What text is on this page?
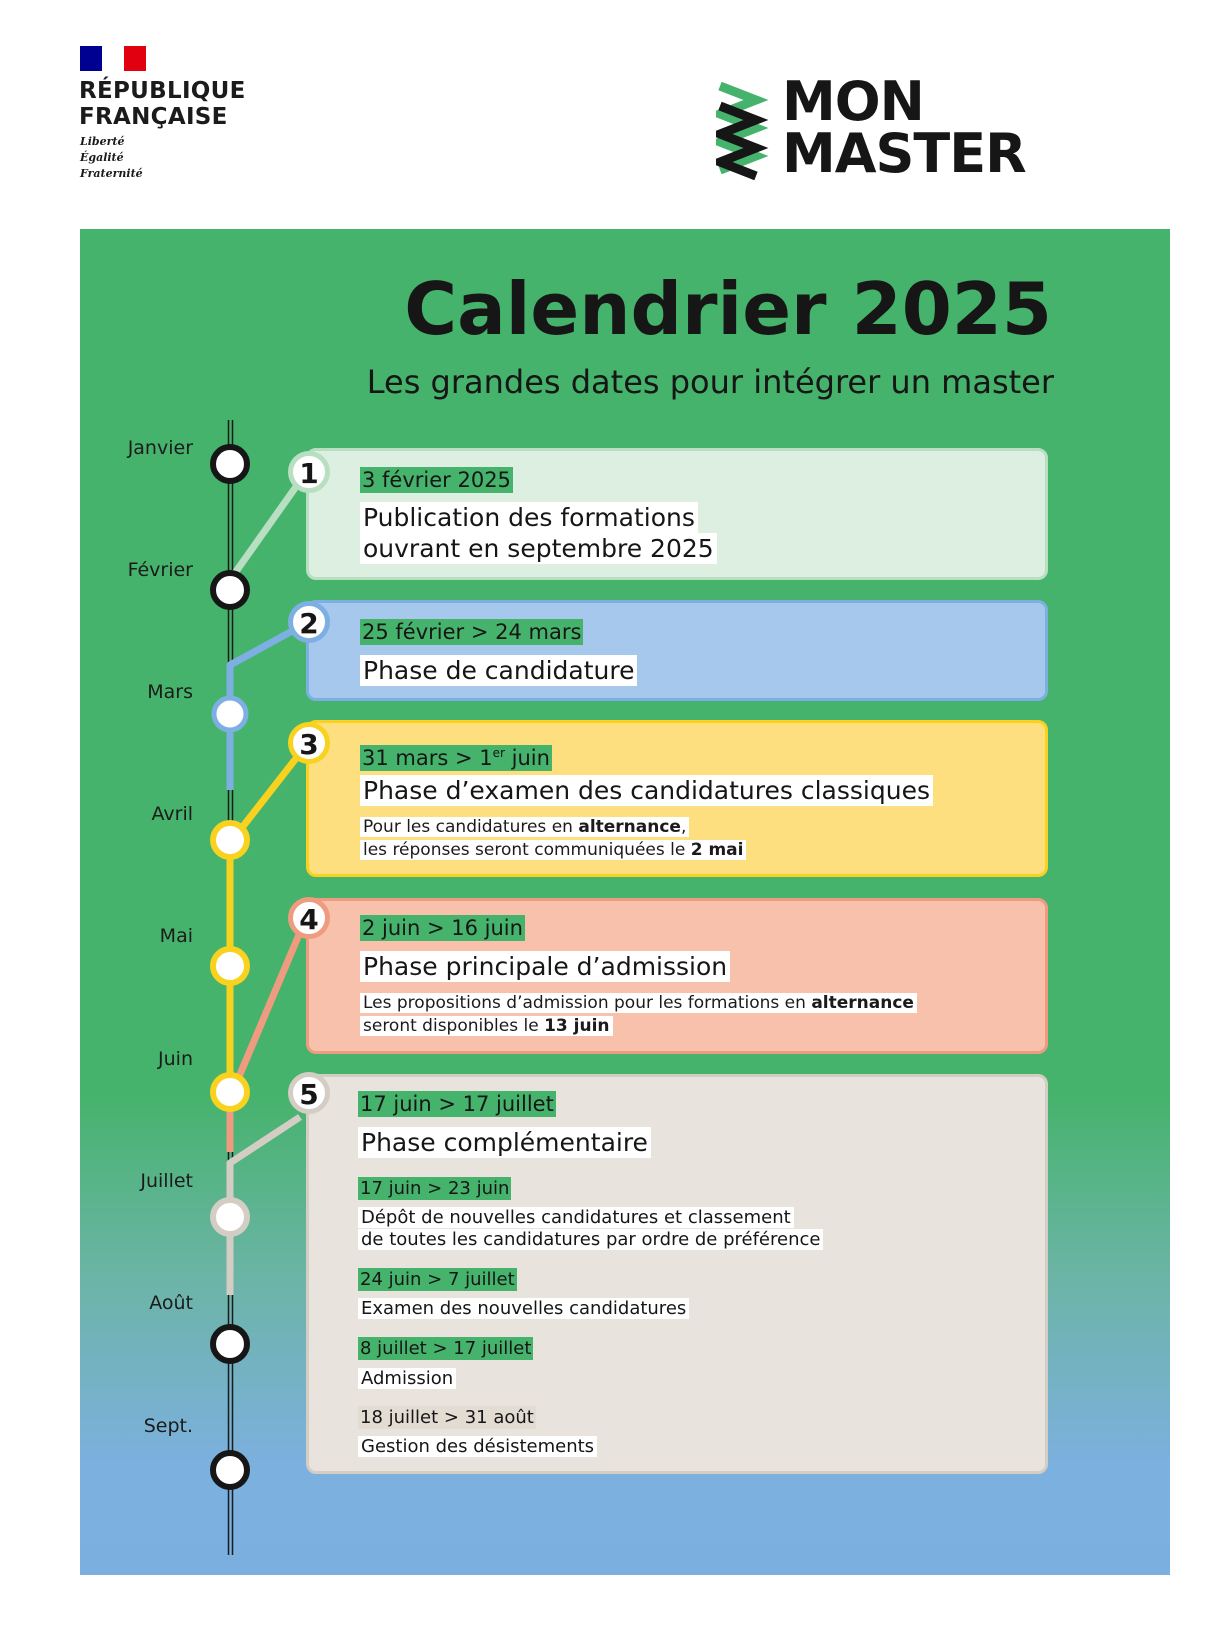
RÉPUBLIQUE
FRANÇAISE
Liberté
Égalité
Fraternité
MON
MASTER
Calendrier 2025
Les grandes dates pour intégrer un master
Janvier
Février
Mars
Avril
Mai
Juin
Juillet
Août
Sept.
1	3 février 2025
Publication des formations
ouvrant en septembre 2025
2	25 février > 24 mars
Phase de candidature
3	31 mars > 1er juin
Phase d’examen des candidatures classiques
Pour les candidatures en alternance,
les réponses seront communiquées le 2 mai
4	2 juin > 16 juin
Phase principale d’admission
Les propositions d’admission pour les formations en alternance
seront disponibles le 13 juin
5	17 juin > 17 juillet
Phase complémentaire
17 juin > 23 juin
Dépôt de nouvelles candidatures et classement
de toutes les candidatures par ordre de préférence
24 juin > 7 juillet
Examen des nouvelles candidatures
8 juillet > 17 juillet
Admission
18 juillet > 31 août
Gestion des désistements
